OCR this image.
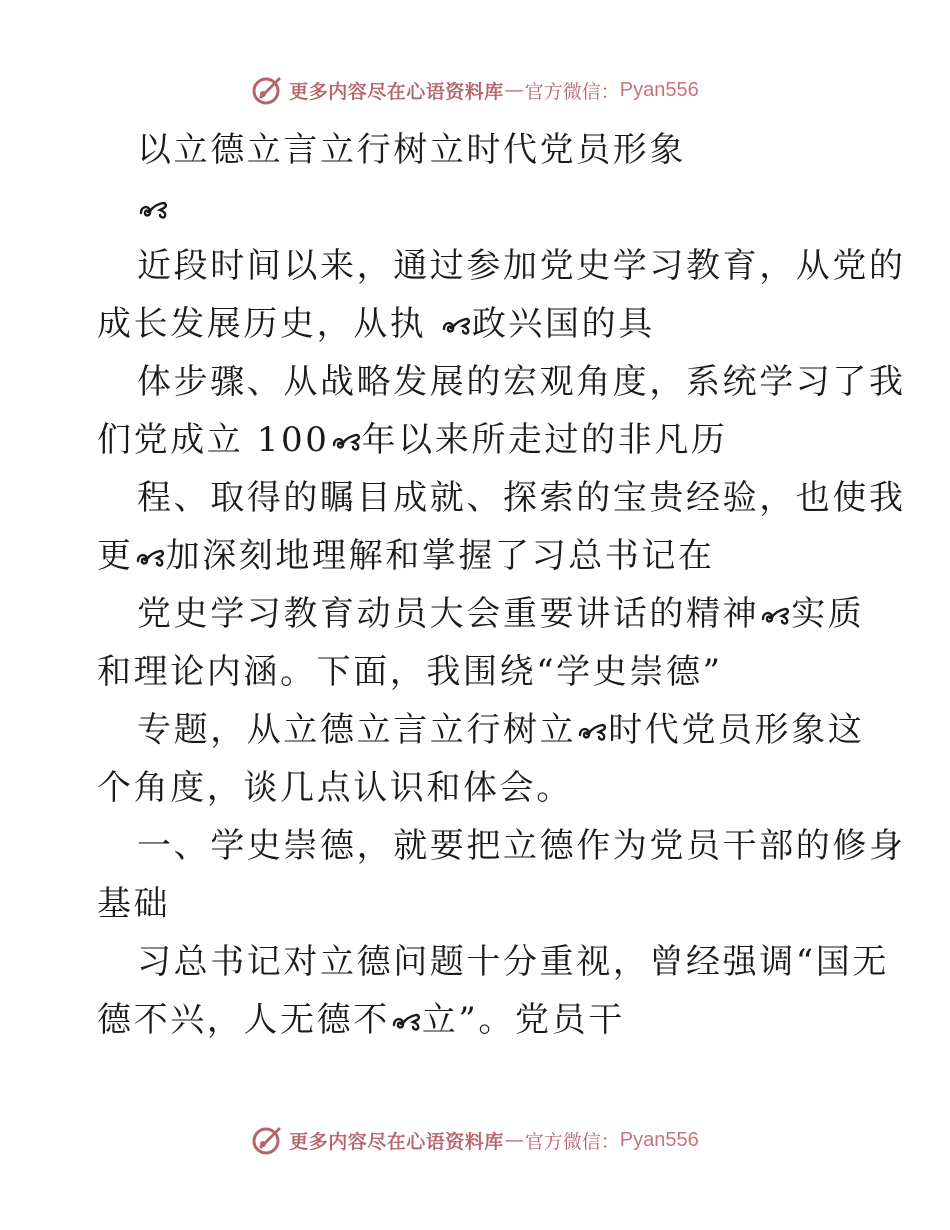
更多内容尽在心语资料库 — 官方微信： Pyan556
以立德立言立行树立时代党员形象
近段时间以来，通过参加党史学习教育，从党的
成长发展历史，从执 政兴国的具
体步骤、从战略发展的宏观角度，系统学习了我
们党成立 100 年以来所走过的非凡历
程、取得的瞩目成就、探索的宝贵经验，也使我
更 加深刻地理解和掌握了习总书记在
党史学习教育动员大会重要讲话的精神 实质
和理论内涵。下面，我围绕“学史崇德”
专题，从立德立言立行树立 时代党员形象这
个角度，谈几点认识和体会。
一、学史崇德，就要把立德作为党员干部的修身
基础
习总书记对立德问题十分重视，曾经强调“国无
德不兴，人无德不 立”。党员干
更多内容尽在心语资料库 — 官方微信： Pyan556
